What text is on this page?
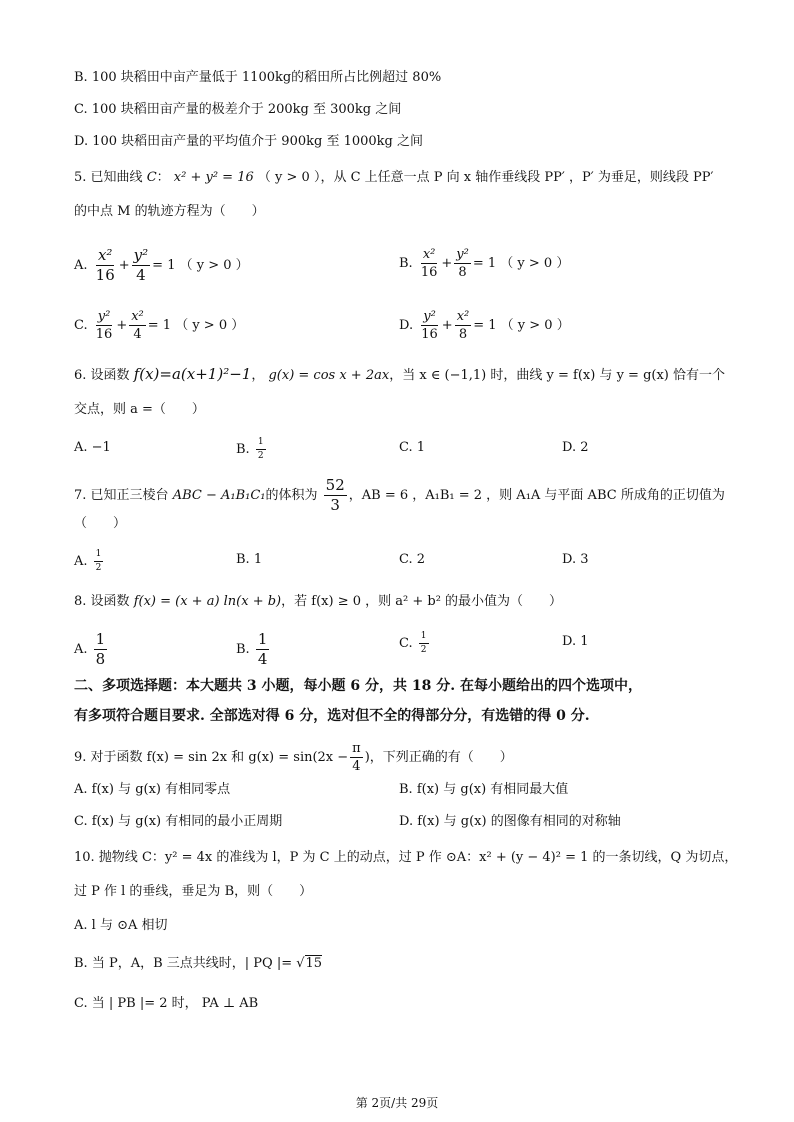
B. 100 块稻田中亩产量低于 1100kg的稻田所占比例超过 80%
C. 100 块稻田亩产量的极差介于 200kg 至 300kg 之间
D. 100 块稻田亩产量的平均值介于 900kg 至 1000kg 之间
5. 已知曲线 C： x² + y² = 16 （ y > 0 ），从 C 上任意一点 P 向 x 轴作垂线段 PP′ ，P′ 为垂足，则线段 PP′
的中点 M 的轨迹方程为（　　）
A. $\frac{\text{x²}}{16} + \frac{\text{y²}}{4} = 1$ （ y > 0 ）	B. $\frac{\text{x²}}{16} + \frac{\text{y²}}{8} = 1$ （ y > 0 ）
C. $\frac{\text{y²}}{16} + \frac{\text{x²}}{4} = 1$ （ y > 0 ）	D. $\frac{\text{y²}}{16} + \frac{\text{x²}}{8} = 1$ （ y > 0 ）
6. 设函数 f(x)=a(x+1)²−1， g(x) = cos x + 2ax，当 x ∈ (−1,1) 时，曲线 y = f(x) 与 y = g(x) 恰有一个
交点，则 a =（　　）
A. −1	B. $\frac{1}{2}$	C. 1	D. 2
7. 已知正三棱台 ABC − A₁B₁C₁的体积为 $\frac{52}{3}$ ，AB = 6 ，A₁B₁ = 2 ，则 A₁A 与平面 ABC 所成角的正切值为
（　　）
A. $\frac{1}{2}$	B. 1	C. 2	D. 3
8. 设函数 f(x) = (x + a) ln(x + b)，若 f(x) ≥ 0 ，则 a² + b² 的最小值为（　　）
A. $\frac{1}{8}$	B. $\frac{1}{4}$	C. $\frac{1}{2}$	D. 1
二、多项选择题：本大题共 3 小题，每小题 6 分，共 18 分. 在每小题给出的四个选项中，
有多项符合题目要求. 全部选对得 6 分，选对但不全的得部分分，有选错的得 0 分.
9. 对于函数 f(x) = sin 2x 和 $g(x) = \sin(2x - \frac{\pi}{4}$ )，下列正确的有（　　）
A. f(x) 与 g(x) 有相同零点	B. f(x) 与 g(x) 有相同最大值
C. f(x) 与 g(x) 有相同的最小正周期	D. f(x) 与 g(x) 的图像有相同的对称轴
10. 抛物线 C：y² = 4x 的准线为 l，P 为 C 上的动点，过 P 作 ⊙A：x² + (y − 4)² = 1 的一条切线，Q 为切点，
过 P 作 l 的垂线，垂足为 B，则（　　）
A. l 与 ⊙A 相切
B. 当 P，A，B 三点共线时，| PQ |= √15
C. 当 | PB |= 2 时， PA ⊥ AB
第 2页/共 29页
